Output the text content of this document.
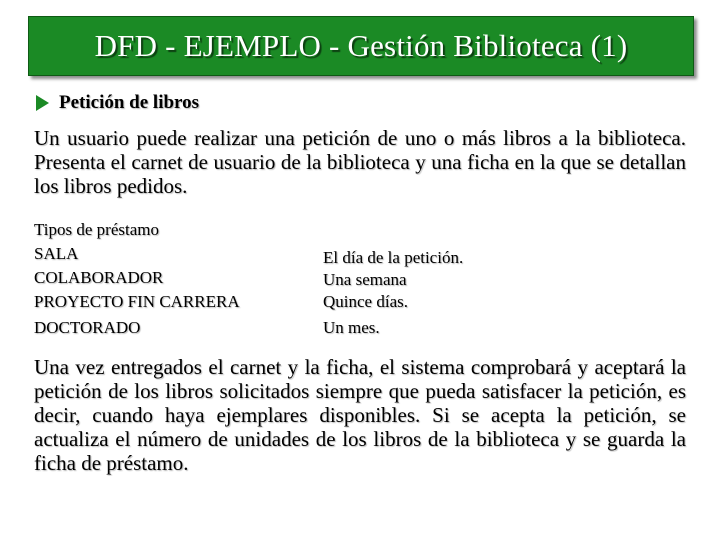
DFD - EJEMPLO - Gestión Biblioteca (1)
Petición de libros
Un usuario puede realizar una petición de uno o más libros a la biblioteca. Presenta el carnet de usuario de la biblioteca y una ficha en la que se detallan los libros pedidos.
Tipos de préstamo
SALA	El día de la petición.
COLABORADOR	Una semana
PROYECTO FIN CARRERA	Quince días.
DOCTORADO	Un mes.
Una vez entregados el carnet y la ficha, el sistema comprobará y aceptará la petición de los libros solicitados siempre que pueda satisfacer la petición, es decir, cuando haya ejemplares disponibles. Si se acepta la petición, se actualiza el número de unidades de los libros de la biblioteca y se guarda la ficha de préstamo.
